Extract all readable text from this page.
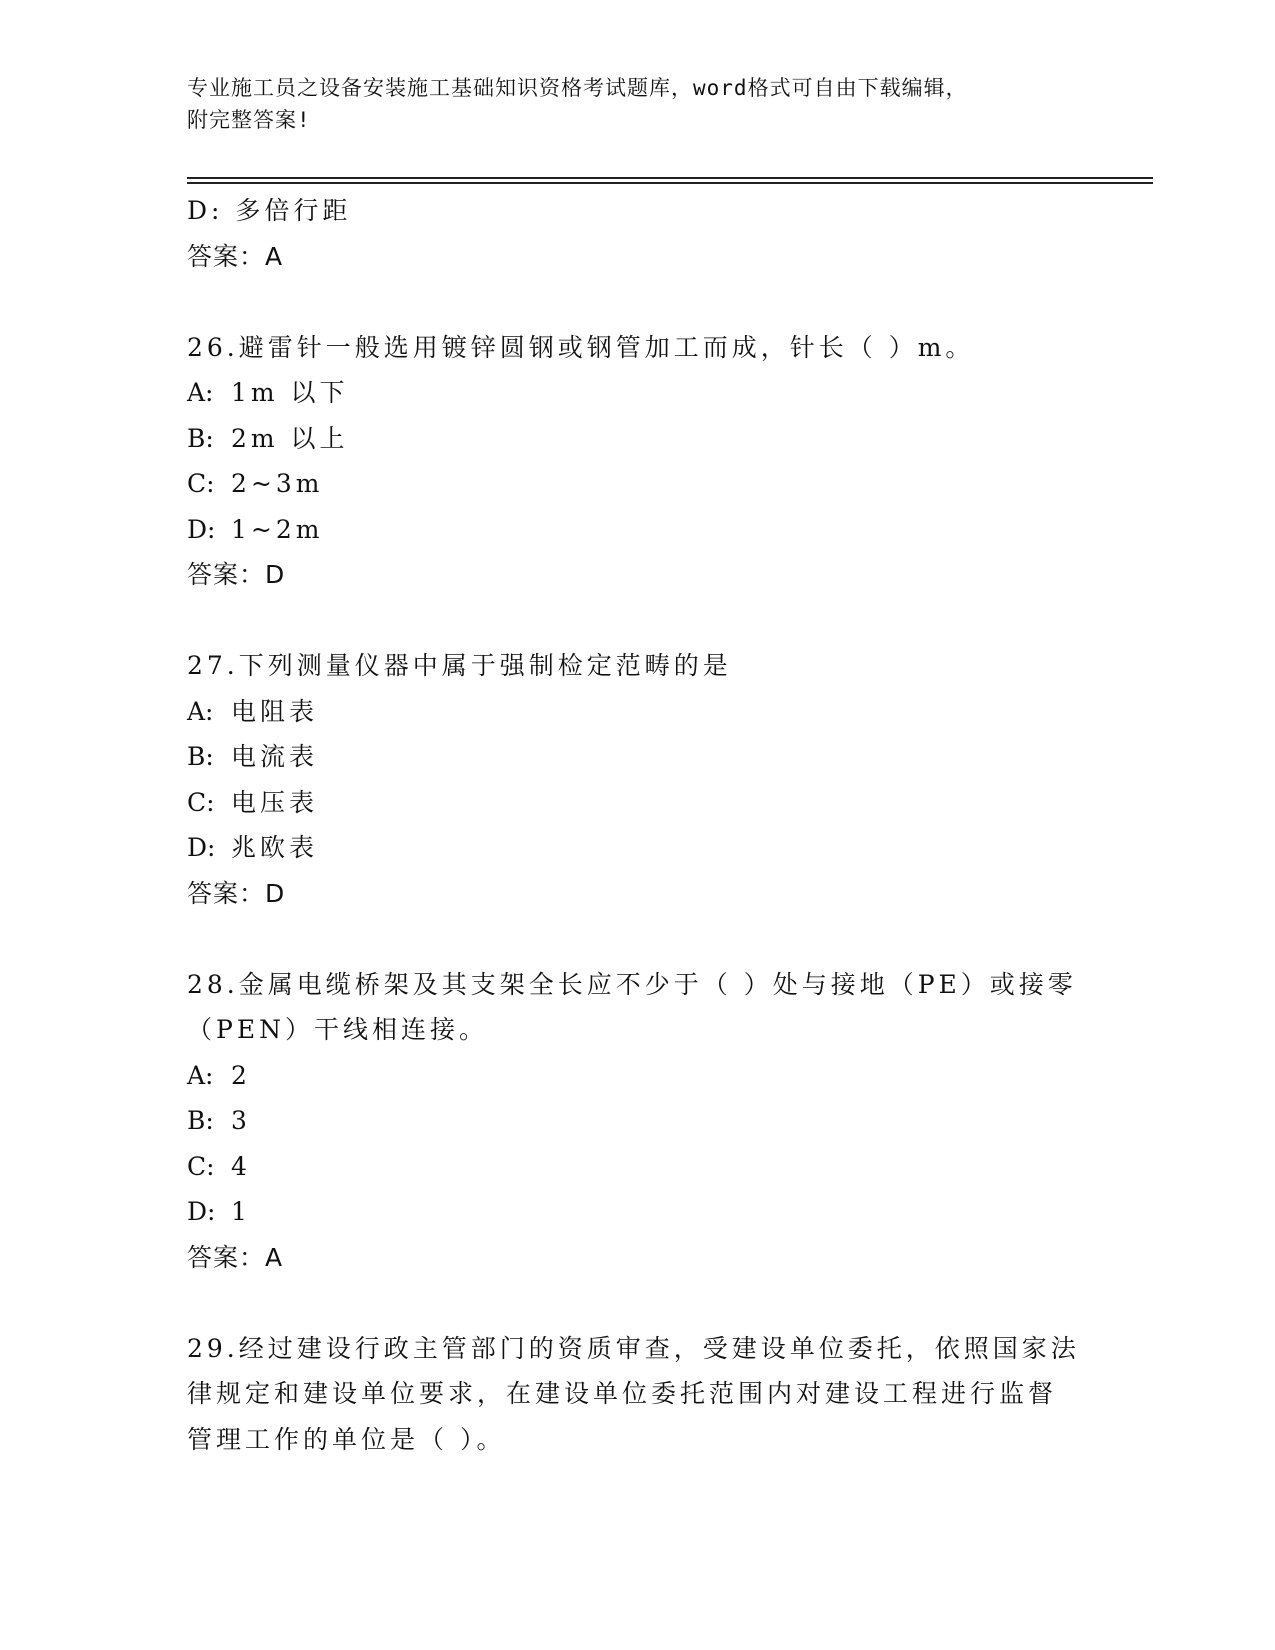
专业施工员之设备安装施工基础知识资格考试题库，word格式可自由下载编辑，
附完整答案!
D: 多倍行距
答案：A
26.避雷针一般选用镀锌圆钢或钢管加工而成，针长（ ）m。
A: 1m 以下
B: 2m 以上
C: 2~3m
D: 1~2m
答案：D
27.下列测量仪器中属于强制检定范畴的是
A: 电阻表
B: 电流表
C: 电压表
D: 兆欧表
答案：D
28.金属电缆桥架及其支架全长应不少于（ ）处与接地（PE）或接零
（PEN）干线相连接。
A: 2
B: 3
C: 4
D: 1
答案：A
29.经过建设行政主管部门的资质审查，受建设单位委托，依照国家法
律规定和建设单位要求，在建设单位委托范围内对建设工程进行监督
管理工作的单位是（ ）。
